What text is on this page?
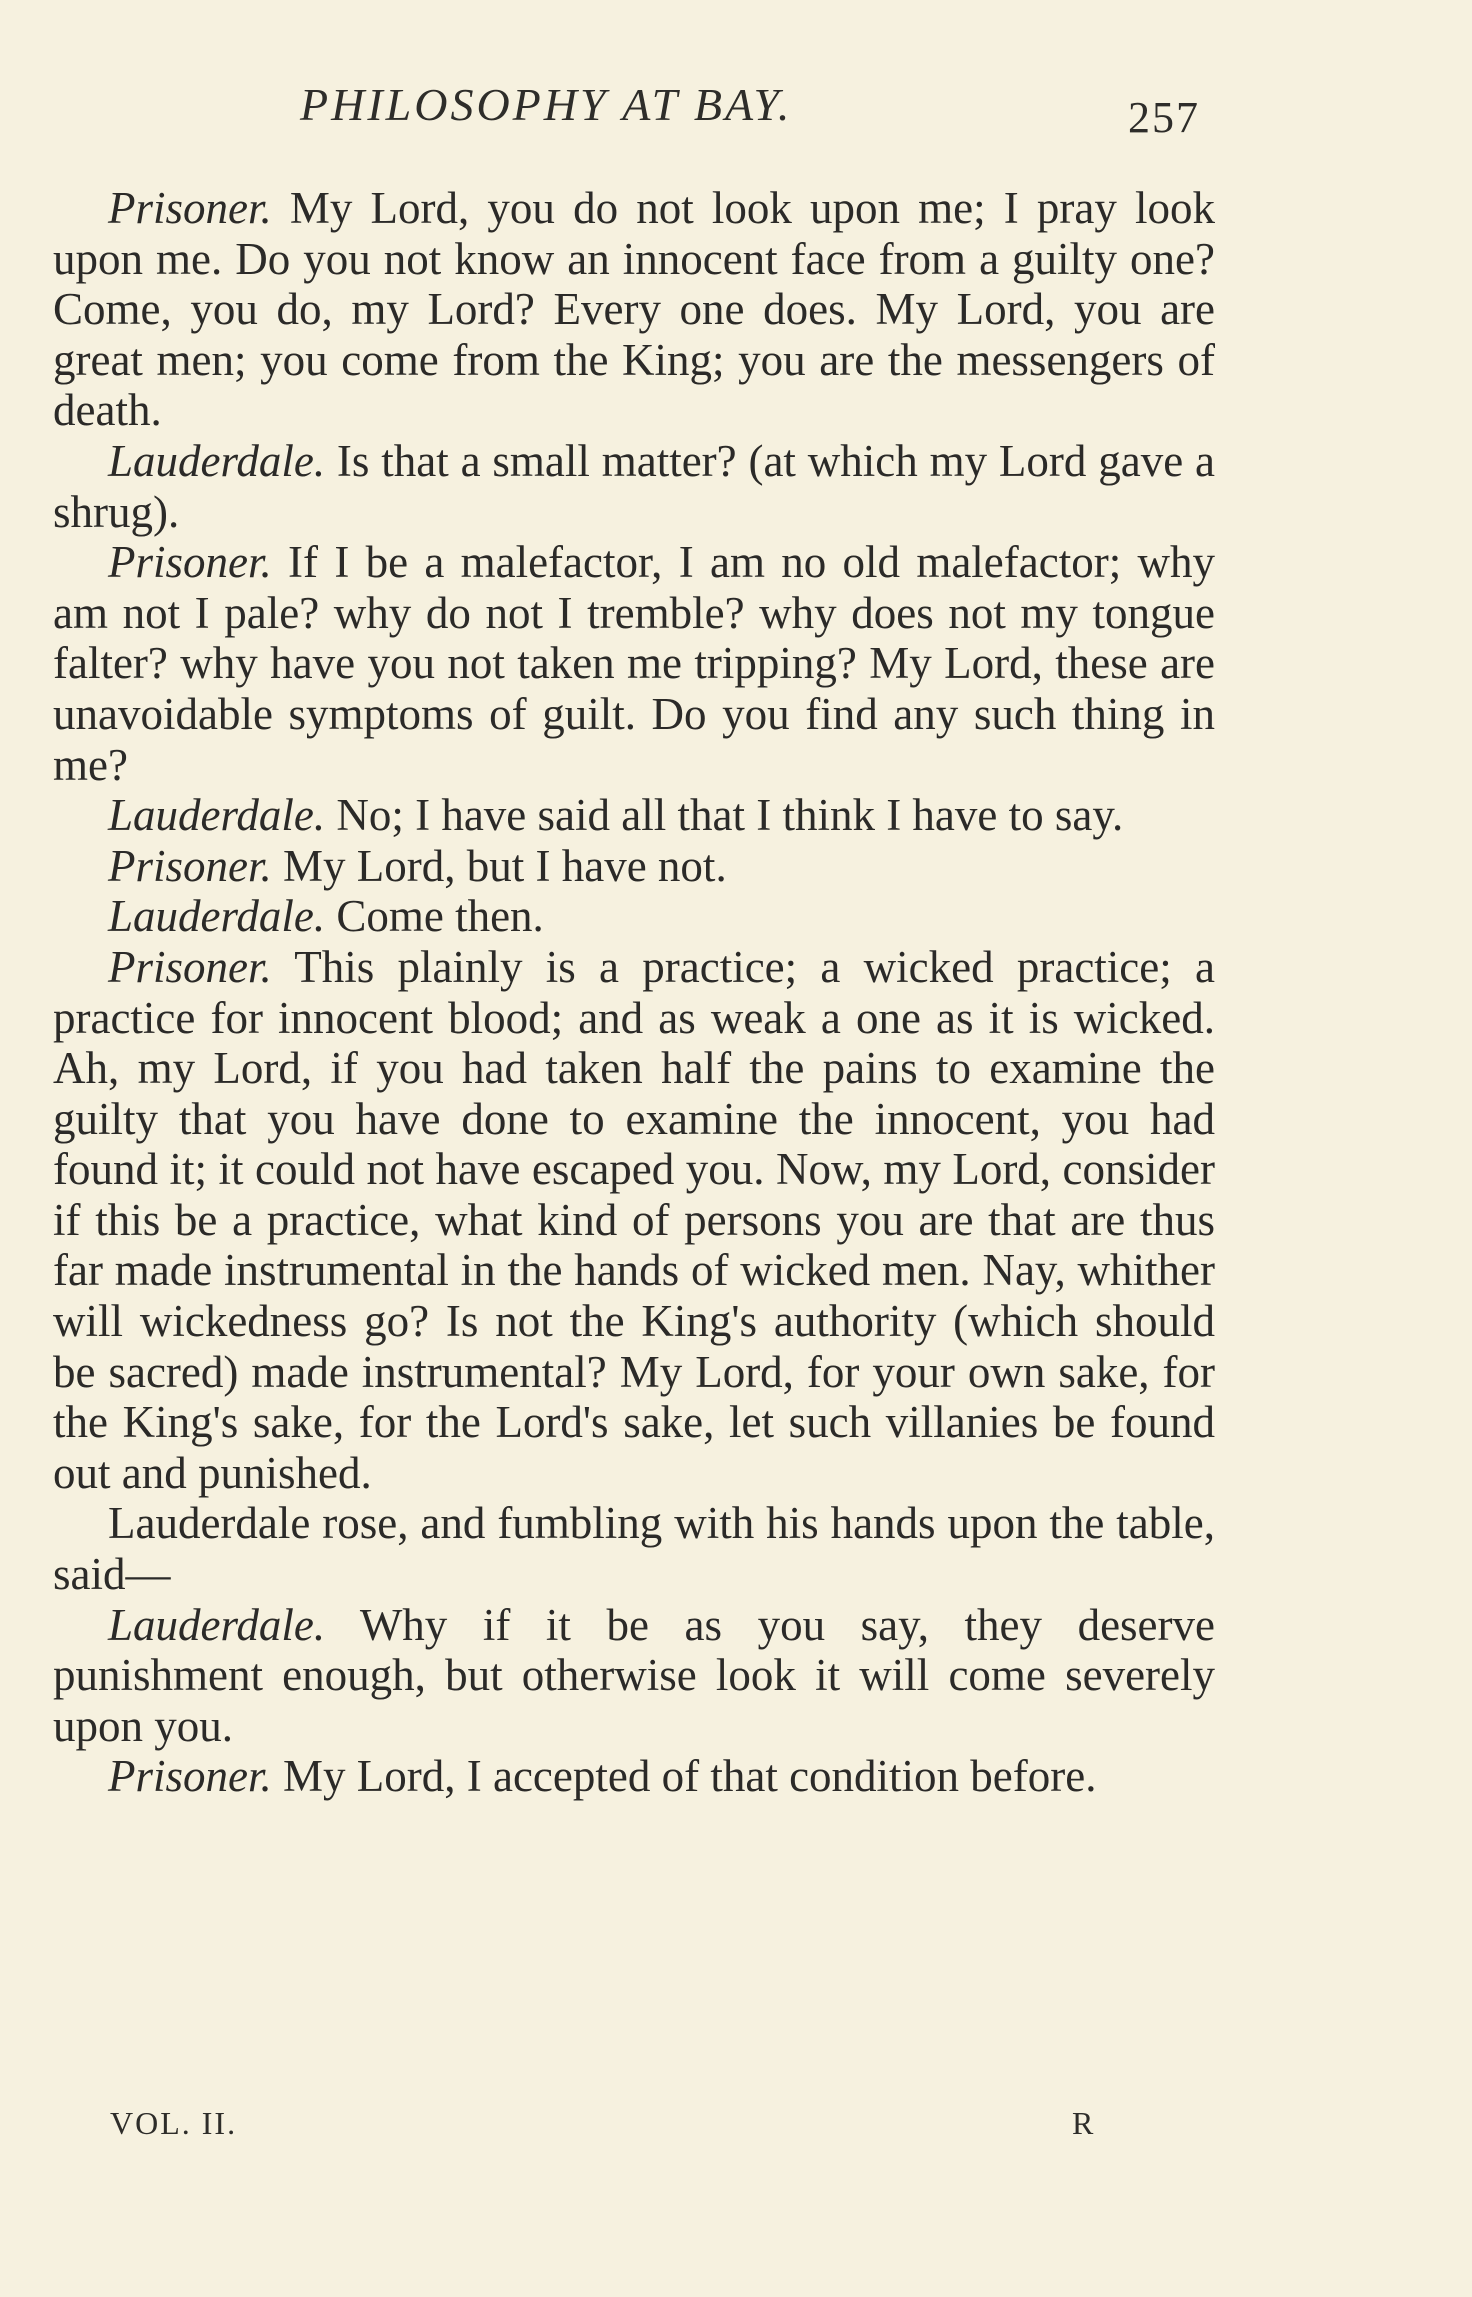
PHILOSOPHY AT BAY.	257

Prisoner. My Lord, you do not look upon me; I pray look upon me. Do you not know an innocent face from a guilty one? Come, you do, my Lord? Every one does. My Lord, you are great men; you come from the King; you are the messengers of death.

Lauderdale. Is that a small matter? (at which my Lord gave a shrug).

Prisoner. If I be a malefactor, I am no old malefactor; why am not I pale? why do not I tremble? why does not my tongue falter? why have you not taken me tripping? My Lord, these are unavoidable symptoms of guilt. Do you find any such thing in me?

Lauderdale. No; I have said all that I think I have to say.

Prisoner. My Lord, but I have not.

Lauderdale. Come then.

Prisoner. This plainly is a practice; a wicked practice; a practice for innocent blood; and as weak a one as it is wicked. Ah, my Lord, if you had taken half the pains to examine the guilty that you have done to examine the innocent, you had found it; it could not have escaped you. Now, my Lord, consider if this be a practice, what kind of persons you are that are thus far made instrumental in the hands of wicked men. Nay, whither will wickedness go? Is not the King's authority (which should be sacred) made instrumental? My Lord, for your own sake, for the King's sake, for the Lord's sake, let such villanies be found out and punished.

Lauderdale rose, and fumbling with his hands upon the table, said—

Lauderdale. Why if it be as you say, they deserve punishment enough, but otherwise look it will come severely upon you.

Prisoner. My Lord, I accepted of that condition before.

VOL. II.	R
